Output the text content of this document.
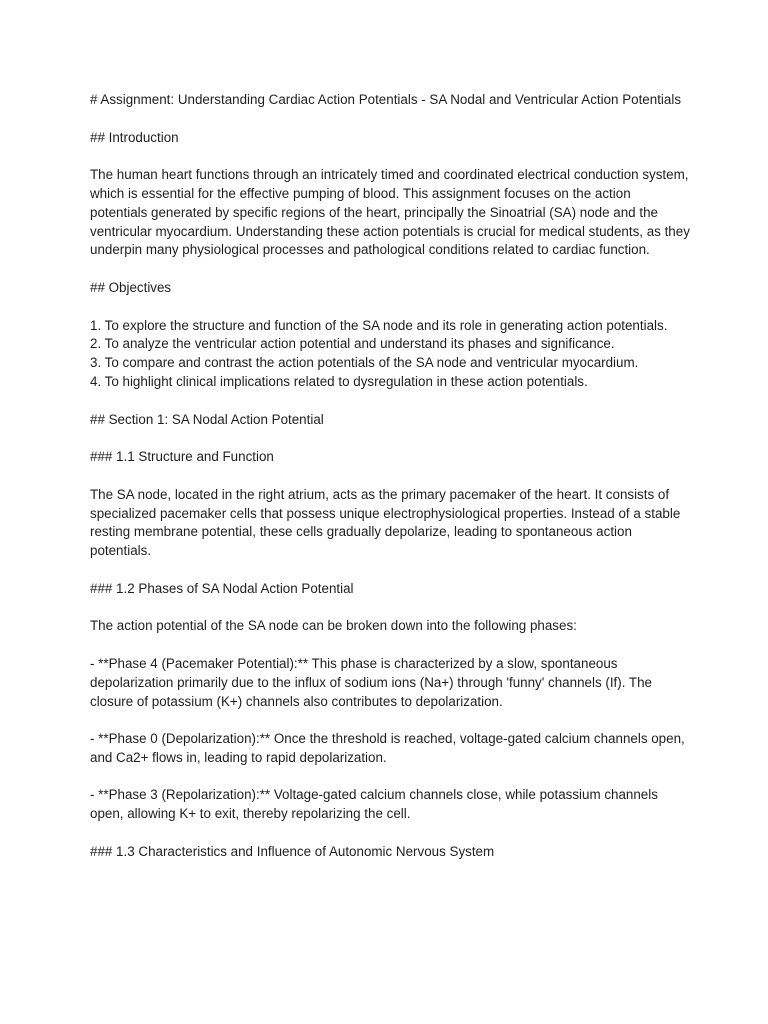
# Assignment: Understanding Cardiac Action Potentials - SA Nodal and Ventricular Action Potentials

## Introduction

The human heart functions through an intricately timed and coordinated electrical conduction system, which is essential for the effective pumping of blood. This assignment focuses on the action potentials generated by specific regions of the heart, principally the Sinoatrial (SA) node and the ventricular myocardium. Understanding these action potentials is crucial for medical students, as they underpin many physiological processes and pathological conditions related to cardiac function.

## Objectives

1. To explore the structure and function of the SA node and its role in generating action potentials.

2. To analyze the ventricular action potential and understand its phases and significance.

3. To compare and contrast the action potentials of the SA node and ventricular myocardium.

4. To highlight clinical implications related to dysregulation in these action potentials.

## Section 1: SA Nodal Action Potential

### 1.1 Structure and Function

The SA node, located in the right atrium, acts as the primary pacemaker of the heart. It consists of specialized pacemaker cells that possess unique electrophysiological properties. Instead of a stable resting membrane potential, these cells gradually depolarize, leading to spontaneous action potentials.

### 1.2 Phases of SA Nodal Action Potential

The action potential of the SA node can be broken down into the following phases:

- **Phase 4 (Pacemaker Potential):** This phase is characterized by a slow, spontaneous depolarization primarily due to the influx of sodium ions (Na+) through 'funny' channels (If). The closure of potassium (K+) channels also contributes to depolarization.

- **Phase 0 (Depolarization):** Once the threshold is reached, voltage-gated calcium channels open, and Ca2+ flows in, leading to rapid depolarization.

- **Phase 3 (Repolarization):** Voltage-gated calcium channels close, while potassium channels open, allowing K+ to exit, thereby repolarizing the cell.

### 1.3 Characteristics and Influence of Autonomic Nervous System
